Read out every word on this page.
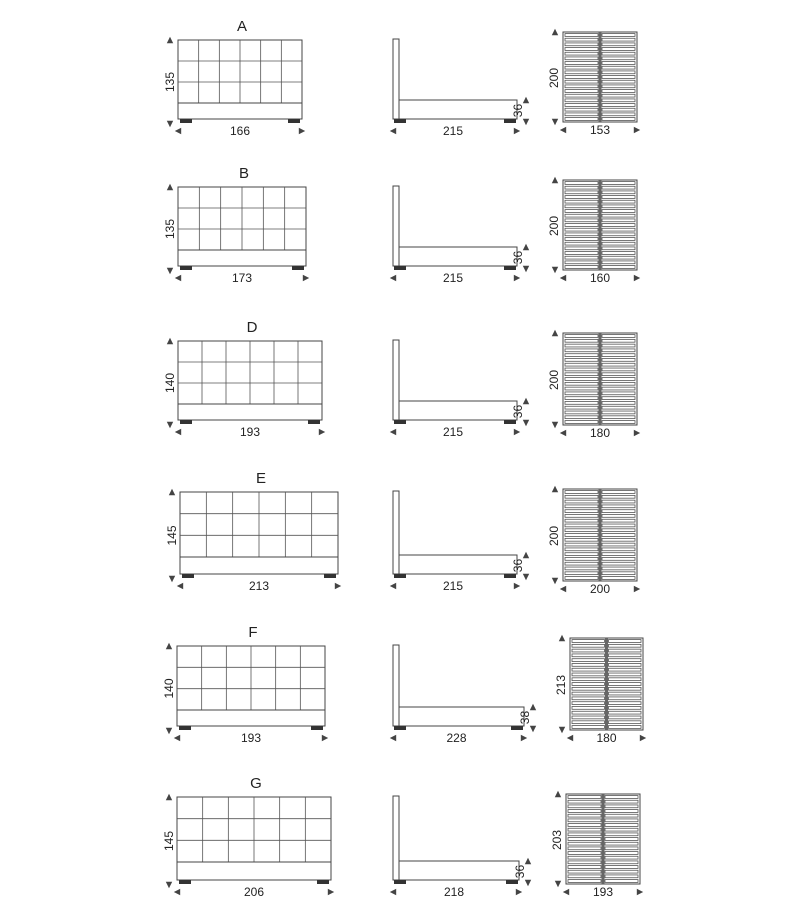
A
135
166	215
36
200
153
B
135
173	215
36
200
160
D
140
193	215
36
200
180
E
145
213	215
36
200
200
F
140
193	228
38
213
180
G
145
206	218
36
203
193
